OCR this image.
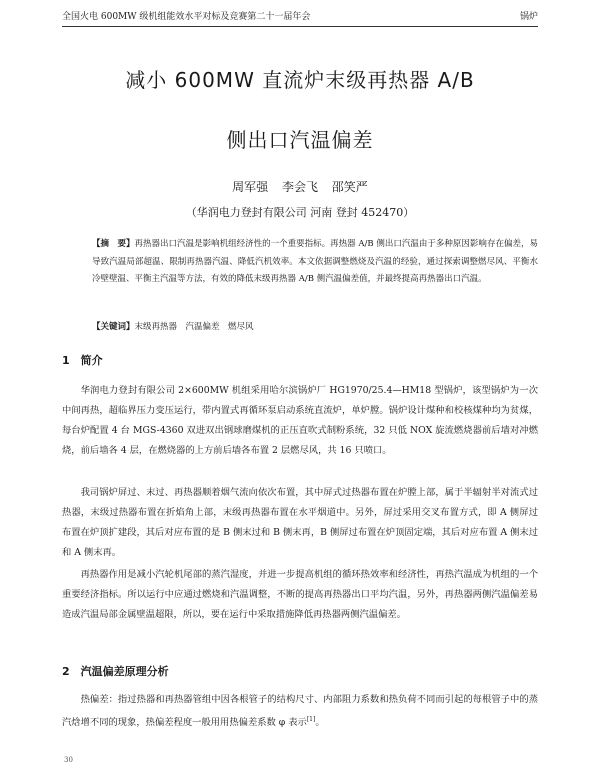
全国火电 600MW 级机组能效水平对标及竞赛第二十一届年会	锅炉
减小 600MW 直流炉末级再热器 A/B
侧出口汽温偏差
周军强 李会飞 邵笑严
（华润电力登封有限公司 河南 登封 452470）

【摘　要】再热器出口汽温是影响机组经济性的一个重要指标。再热器 A/B 侧出口汽温由于多种原因影响存在偏差，易导致汽温局部超温、限制再热器汽温、降低汽机效率。本文依据调整燃烧及汽温的经验，通过探索调整燃尽风、平衡水冷壁壁温、平衡主汽温等方法，有效的降低末级再热器 A/B 侧汽温偏差值，并最终提高再热器出口汽温。

【关键词】末级再热器　汽温偏差　燃尽风

1　简介

华润电力登封有限公司 2×600MW 机组采用哈尔滨锅炉厂 HG1970/25.4—HM18 型锅炉，该型锅炉为一次中间再热，超临界压力变压运行，带内置式再循环泵启动系统直流炉，单炉膛。锅炉设计煤种和校核煤种均为贫煤，每台炉配置 4 台 MGS-4360 双进双出钢球磨煤机的正压直吹式制粉系统，32 只低 NOX 旋流燃烧器前后墙对冲燃烧，前后墙各 4 层，在燃烧器的上方前后墙各布置 2 层燃尽风，共 16 只喷口。

我司锅炉屏过、末过、再热器顺着烟气流向依次布置，其中屏式过热器布置在炉膛上部，属于半辐射半对流式过热器，末级过热器布置在折焰角上部，末级再热器布置在水平烟道中。另外，屏过采用交叉布置方式，即 A 侧屏过布置在炉顶扩建段，其后对应布置的是 B 侧末过和 B 侧末再，B 侧屏过布置在炉顶固定端，其后对应布置 A 侧末过和 A 侧末再。

再热器作用是减小汽轮机尾部的蒸汽湿度，并进一步提高机组的循环热效率和经济性，再热汽温成为机组的一个重要经济指标。所以运行中应通过燃烧和汽温调整，不断的提高再热器出口平均汽温，另外，再热器两侧汽温偏差易造成汽温局部金属壁温超限，所以，要在运行中采取措施降低再热器两侧汽温偏差。

2　汽温偏差原理分析

热偏差：指过热器和再热器管组中因各根管子的结构尺寸、内部阻力系数和热负荷不同而引起的每根管子中的蒸汽焓增不同的现象，热偏差程度一般用用热偏差系数 φ 表示[1]。

30
